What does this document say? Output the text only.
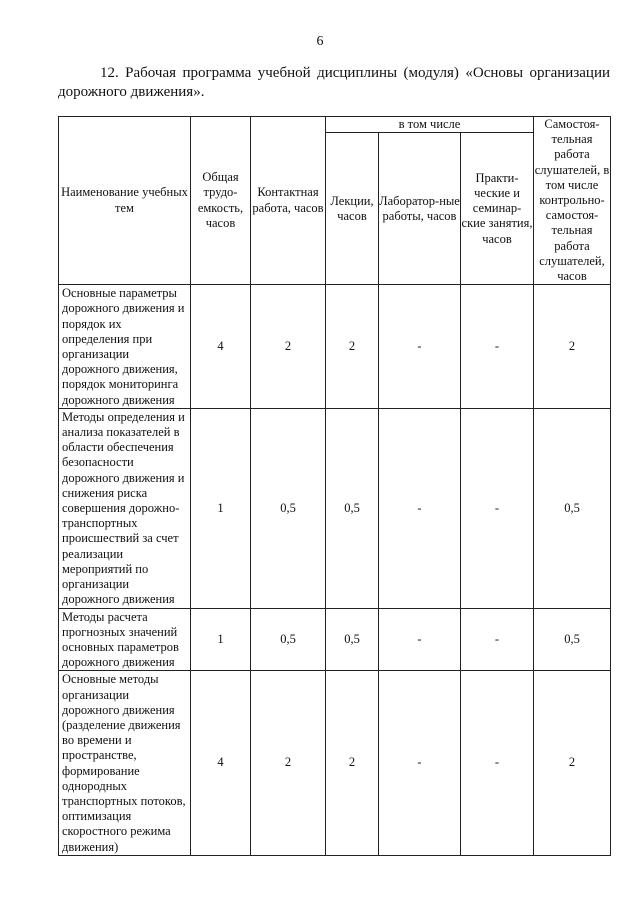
6
12. Рабочая программа учебной дисциплины (модуля) «Основы организации дорожного движения».
Наименование учебных тем	Общая трудо-емкость, часов	Контактная работа, часов	в том числе			Самостоя-тельная работа слушателей, в том числе контрольно-самостоя-тельная работа слушателей, часов
			Лекции, часов	Лаборатор-ные работы, часов	Практи-ческие и семинар-ские занятия, часов	
Основные параметры дорожного движения и порядок их определения при организации дорожного движения, порядок мониторинга дорожного движения	4	2	2	-	-	2
Методы определения и анализа показателей в области обеспечения безопасности дорожного движения и снижения риска совершения дорожно-транспортных происшествий за счет реализации мероприятий по организации дорожного движения	1	0,5	0,5	-	-	0,5
Методы расчета прогнозных значений основных параметров дорожного движения	1	0,5	0,5	-	-	0,5
Основные методы организации дорожного движения (разделение движения во времени и пространстве, формирование однородных транспортных потоков, оптимизация скоростного режима движения)	4	2	2	-	-	2
